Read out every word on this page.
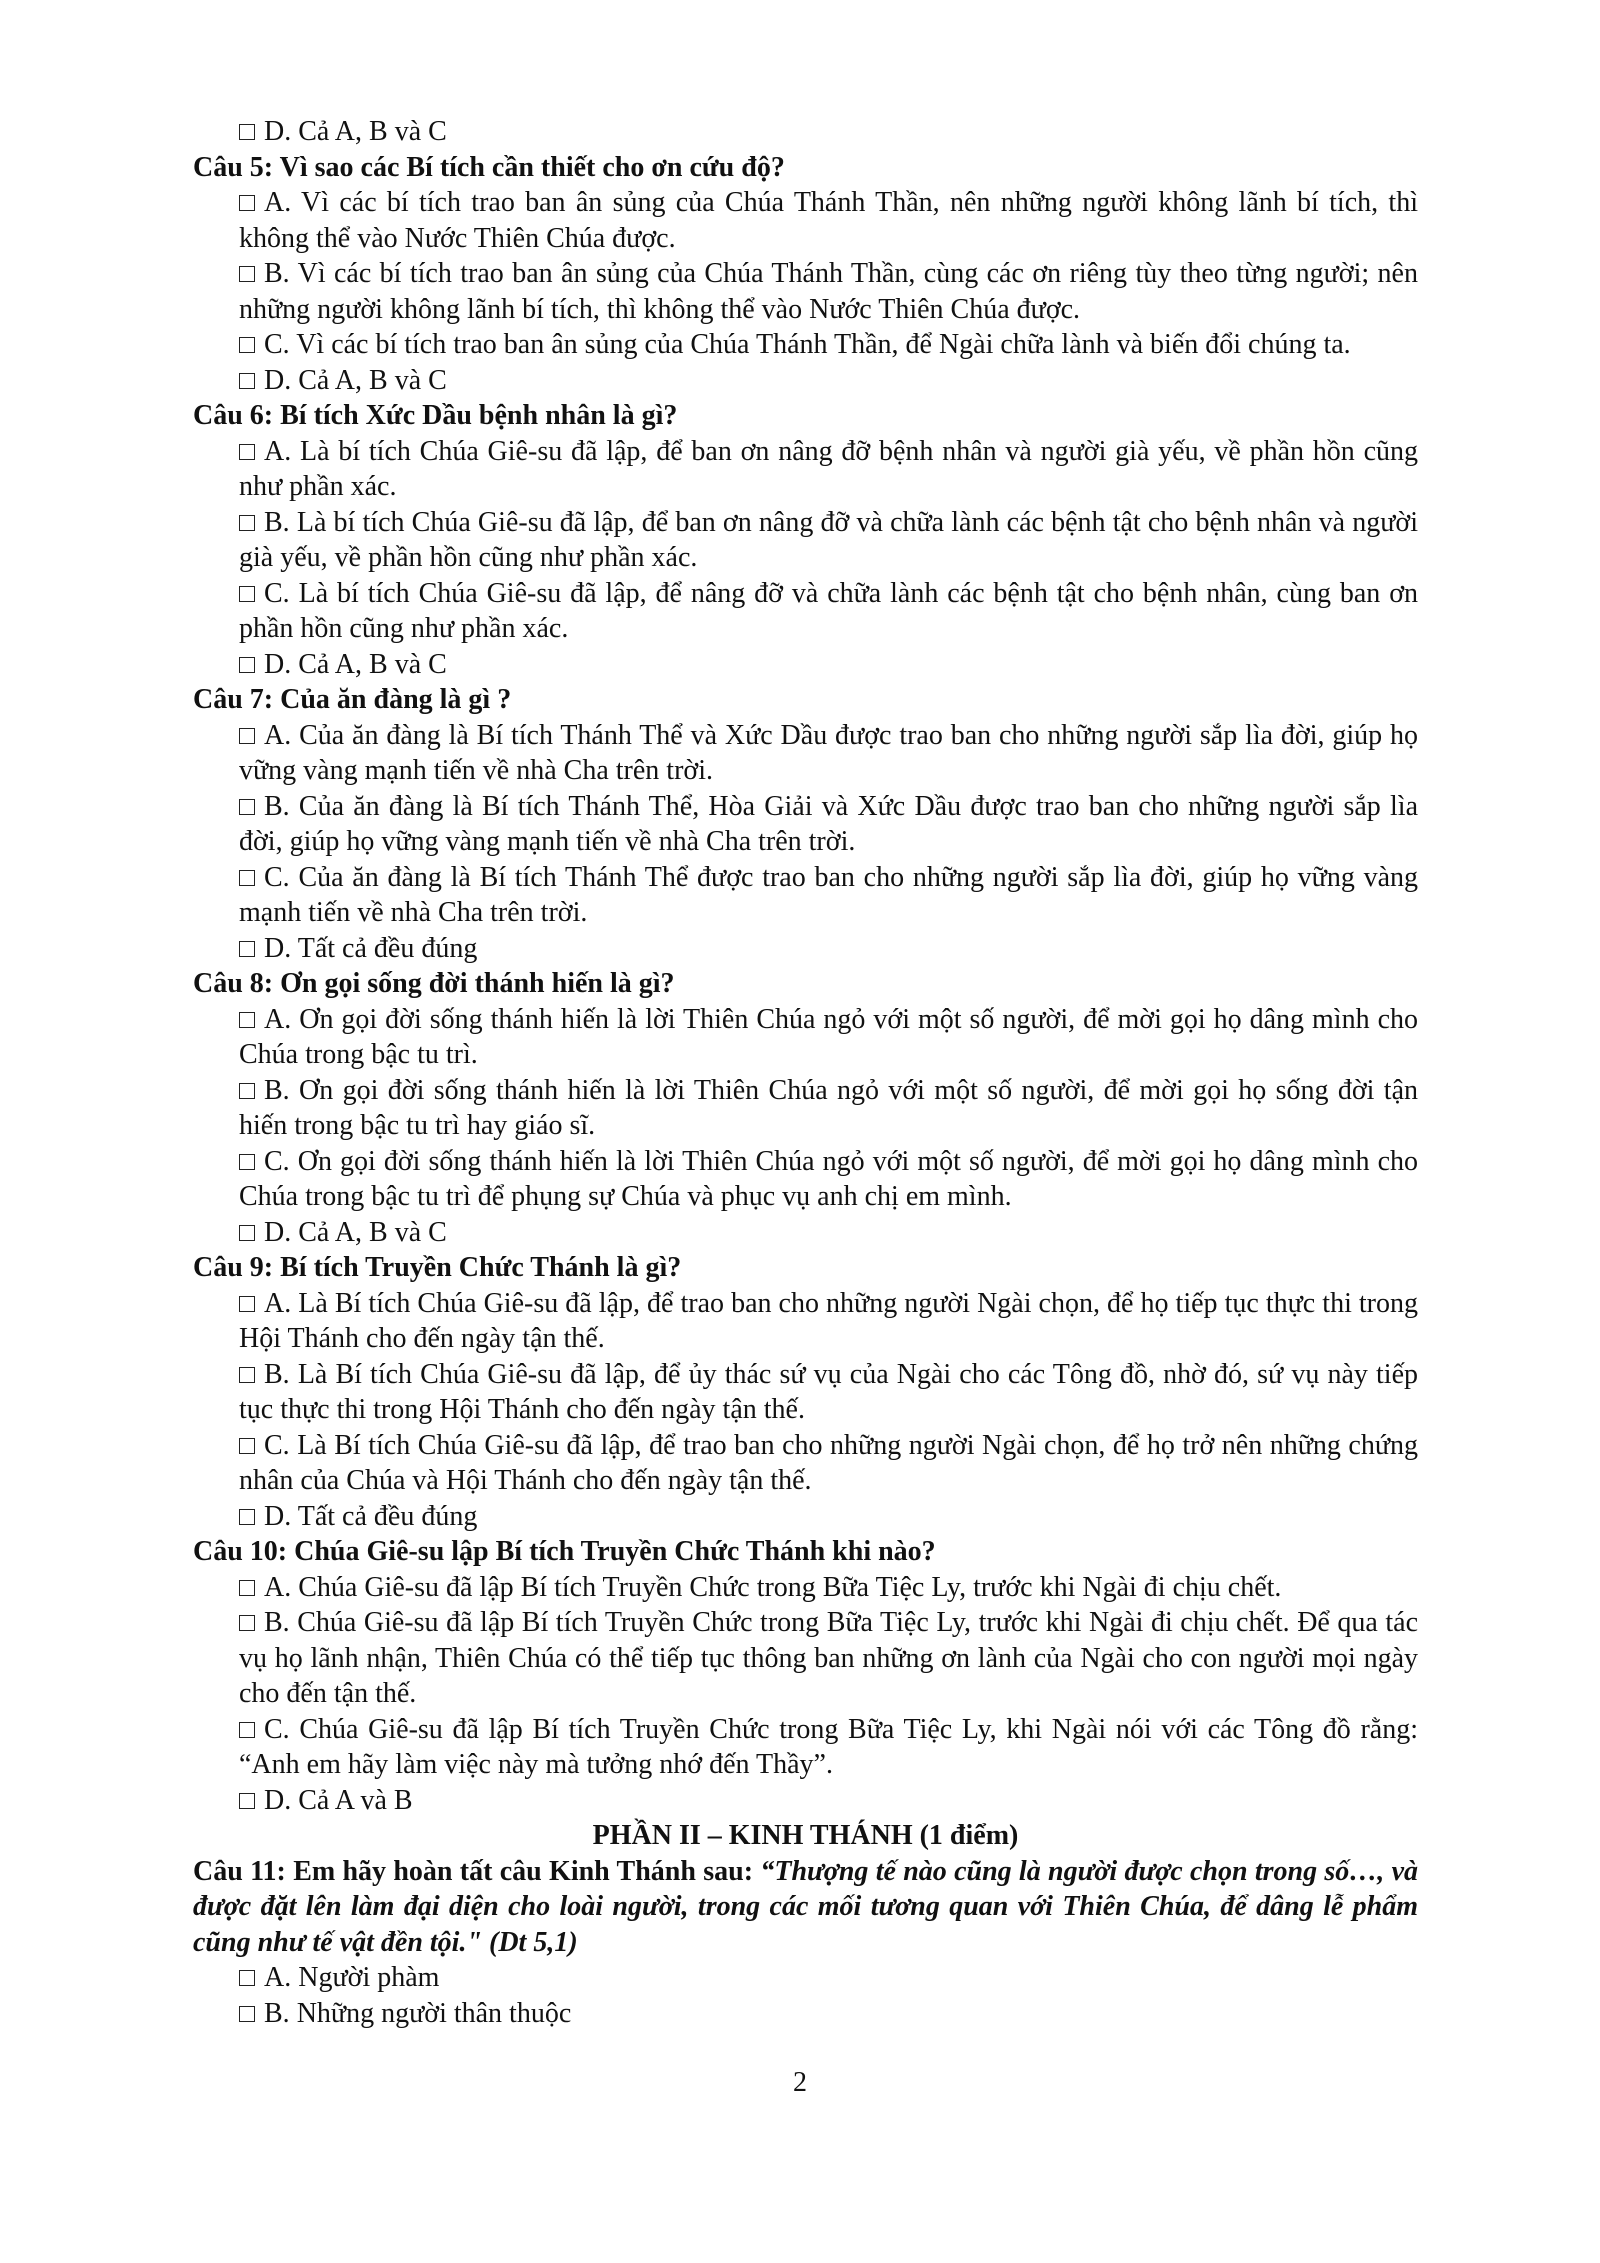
D. Cả A, B và C
Câu 5: Vì sao các Bí tích cần thiết cho ơn cứu độ?
A. Vì các bí tích trao ban ân sủng của Chúa Thánh Thần, nên những người không lãnh bí tích, thì không thể vào Nước Thiên Chúa được.
B. Vì các bí tích trao ban ân sủng của Chúa Thánh Thần, cùng các ơn riêng tùy theo từng người; nên những người không lãnh bí tích, thì không thể vào Nước Thiên Chúa được.
C. Vì các bí tích trao ban ân sủng của Chúa Thánh Thần, để Ngài chữa lành và biến đổi chúng ta.
D. Cả A, B và C
Câu 6: Bí tích Xức Dầu bệnh nhân là gì?
A. Là bí tích Chúa Giê-su đã lập, để ban ơn nâng đỡ bệnh nhân và người già yếu, về phần hồn cũng như phần xác.
B. Là bí tích Chúa Giê-su đã lập, để ban ơn nâng đỡ và chữa lành các bệnh tật cho bệnh nhân và người già yếu, về phần hồn cũng như phần xác.
C. Là bí tích Chúa Giê-su đã lập, để nâng đỡ và chữa lành các bệnh tật cho bệnh nhân, cùng ban ơn phần hồn cũng như phần xác.
D. Cả A, B và C
Câu 7: Của ăn đàng là gì ?
A. Của ăn đàng là Bí tích Thánh Thể và Xức Dầu được trao ban cho những người sắp lìa đời, giúp họ vững vàng mạnh tiến về nhà Cha trên trời.
B. Của ăn đàng là Bí tích Thánh Thể, Hòa Giải và Xức Dầu được trao ban cho những người sắp lìa đời, giúp họ vững vàng mạnh tiến về nhà Cha trên trời.
C. Của ăn đàng là Bí tích Thánh Thể được trao ban cho những người sắp lìa đời, giúp họ vững vàng mạnh tiến về nhà Cha trên trời.
D. Tất cả đều đúng
Câu 8: Ơn gọi sống đời thánh hiến là gì?
A. Ơn gọi đời sống thánh hiến là lời Thiên Chúa ngỏ với một số người, để mời gọi họ dâng mình cho Chúa trong bậc tu trì.
B. Ơn gọi đời sống thánh hiến là lời Thiên Chúa ngỏ với một số người, để mời gọi họ sống đời tận hiến trong bậc tu trì hay giáo sĩ.
C. Ơn gọi đời sống thánh hiến là lời Thiên Chúa ngỏ với một số người, để mời gọi họ dâng mình cho Chúa trong bậc tu trì để phụng sự Chúa và phục vụ anh chị em mình.
D. Cả A, B và C
Câu 9: Bí tích Truyền Chức Thánh là gì?
A. Là Bí tích Chúa Giê-su đã lập, để trao ban cho những người Ngài chọn, để họ tiếp tục thực thi trong Hội Thánh cho đến ngày tận thế.
B. Là Bí tích Chúa Giê-su đã lập, để ủy thác sứ vụ của Ngài cho các Tông đồ, nhờ đó, sứ vụ này tiếp tục thực thi trong Hội Thánh cho đến ngày tận thế.
C. Là Bí tích Chúa Giê-su đã lập, để trao ban cho những người Ngài chọn, để họ trở nên những chứng nhân của Chúa và Hội Thánh cho đến ngày tận thế.
D. Tất cả đều đúng
Câu 10: Chúa Giê-su lập Bí tích Truyền Chức Thánh khi nào?
A. Chúa Giê-su đã lập Bí tích Truyền Chức trong Bữa Tiệc Ly, trước khi Ngài đi chịu chết.
B. Chúa Giê-su đã lập Bí tích Truyền Chức trong Bữa Tiệc Ly, trước khi Ngài đi chịu chết. Để qua tác vụ họ lãnh nhận, Thiên Chúa có thể tiếp tục thông ban những ơn lành của Ngài cho con người mọi ngày cho đến tận thế.
C. Chúa Giê-su đã lập Bí tích Truyền Chức trong Bữa Tiệc Ly, khi Ngài nói với các Tông đồ rằng: “Anh em hãy làm việc này mà tưởng nhớ đến Thầy”.
D. Cả A và B
PHẦN II – KINH THÁNH (1 điểm)
Câu 11: Em hãy hoàn tất câu Kinh Thánh sau: “Thượng tế nào cũng là người được chọn trong số…, và được đặt lên làm đại diện cho loài người, trong các mối tương quan với Thiên Chúa, để dâng lễ phẩm cũng như tế vật đền tội." (Dt 5,1)
A. Người phàm
B. Những người thân thuộc
2
